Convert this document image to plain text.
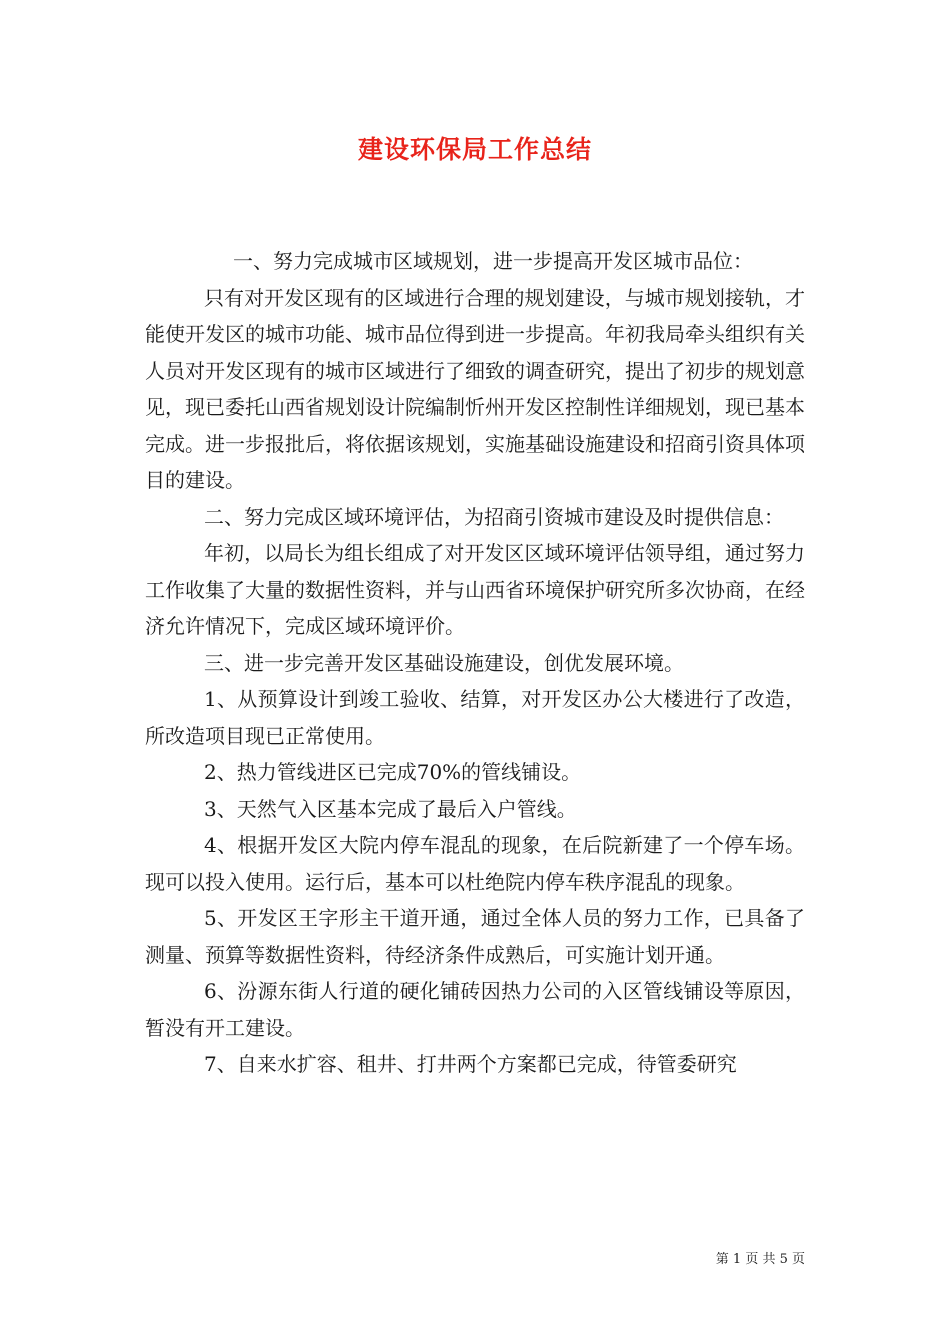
建设环保局工作总结

一、努力完成城市区域规划，进一步提高开发区城市品位：

只有对开发区现有的区域进行合理的规划建设，与城市规划接轨，才能使开发区的城市功能、城市品位得到进一步提高。年初我局牵头组织有关人员对开发区现有的城市区域进行了细致的调查研究，提出了初步的规划意见，现已委托山西省规划设计院编制忻州开发区控制性详细规划，现已基本完成。进一步报批后，将依据该规划，实施基础设施建设和招商引资具体项目的建设。

二、努力完成区域环境评估，为招商引资城市建设及时提供信息：

年初，以局长为组长组成了对开发区区域环境评估领导组，通过努力工作收集了大量的数据性资料，并与山西省环境保护研究所多次协商，在经济允许情况下，完成区域环境评价。

三、进一步完善开发区基础设施建设，创优发展环境。

1、从预算设计到竣工验收、结算，对开发区办公大楼进行了改造，所改造项目现已正常使用。

2、热力管线进区已完成70%的管线铺设。

3、天然气入区基本完成了最后入户管线。

4、根据开发区大院内停车混乱的现象，在后院新建了一个停车场。现可以投入使用。运行后，基本可以杜绝院内停车秩序混乱的现象。

5、开发区王字形主干道开通，通过全体人员的努力工作，已具备了测量、预算等数据性资料，待经济条件成熟后，可实施计划开通。

6、汾源东街人行道的硬化铺砖因热力公司的入区管线铺设等原因，暂没有开工建设。

7、自来水扩容、租井、打井两个方案都已完成，待管委研究

第 1 页 共 5 页
